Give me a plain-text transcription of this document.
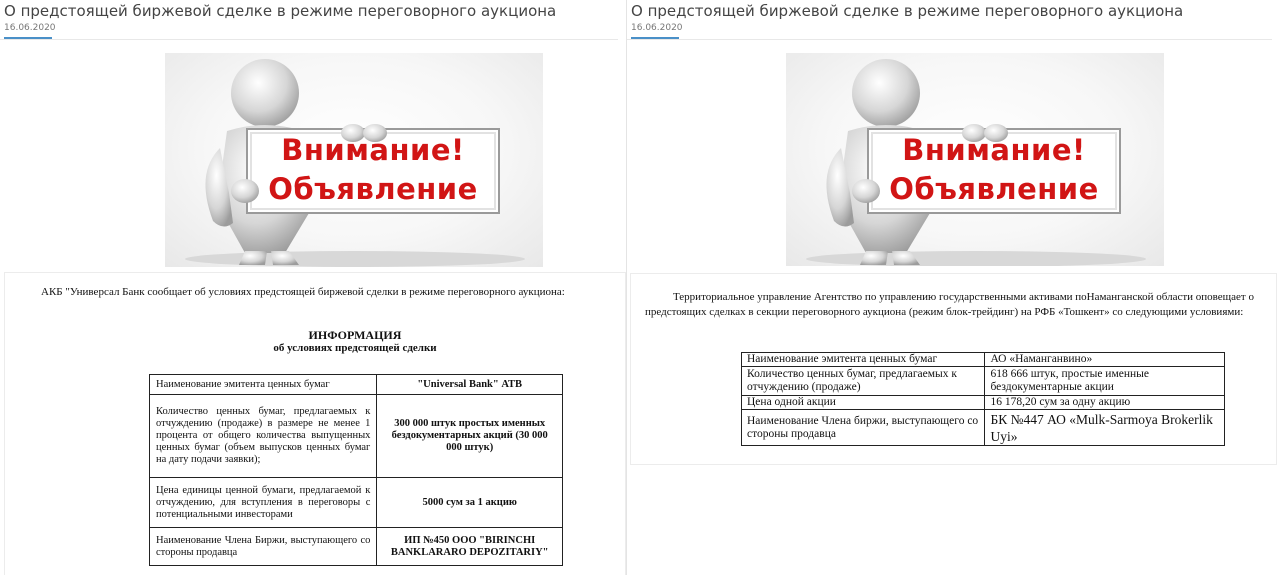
О предстоящей биржевой сделке в режиме переговорного аукциона
16.06.2020
Внимание!
Объявление
АКБ "Универсал Банк сообщает об условиях предстоящей биржевой сделки в режиме переговорного аукциона:
ИНФОРМАЦИЯ
об условиях предстоящей сделки
Наименование эмитента ценных бумаг	"Universal Bank" АТВ
Количество ценных бумаг, предлагаемых к отчуждению (продаже) в размере не менее 1 процента от общего количества выпущенных ценных бумаг (объем выпусков ценных бумаг на дату подачи заявки);	300 000 штук простых именных бездокументарных акций (30 000 000 штук)
Цена единицы ценной бумаги, предлагаемой к отчуждению, для вступления в переговоры с потенциальными инвесторами	5000 сум за 1 акцию
Наименование Члена Биржи, выступающего со стороны продавца	ИП №450 ООО "BIRINCHI BANKLARARO DEPOZITARIY"
О предстоящей биржевой сделке в режиме переговорного аукциона
16.06.2020
Внимание!
Объявление
Территориальное управление Агентство по управлению государственными активами поНаманганской области оповещает о предстоящих сделках в секции переговорного аукциона (режим блок-трейдинг) на РФБ «Тошкент» со следующими условиями:
Наименование эмитента ценных бумаг	АО «Наманганвино»
Количество ценных бумаг, предлагаемых к отчуждению (продаже)	618 666 штук, простые именные бездокументарные акции
Цена одной акции	16 178,20 сум за одну акцию
Наименование Члена биржи, выступающего со стороны продавца	БК №447 АО «Mulk-Sarmoya Brokerlik Uyi»
